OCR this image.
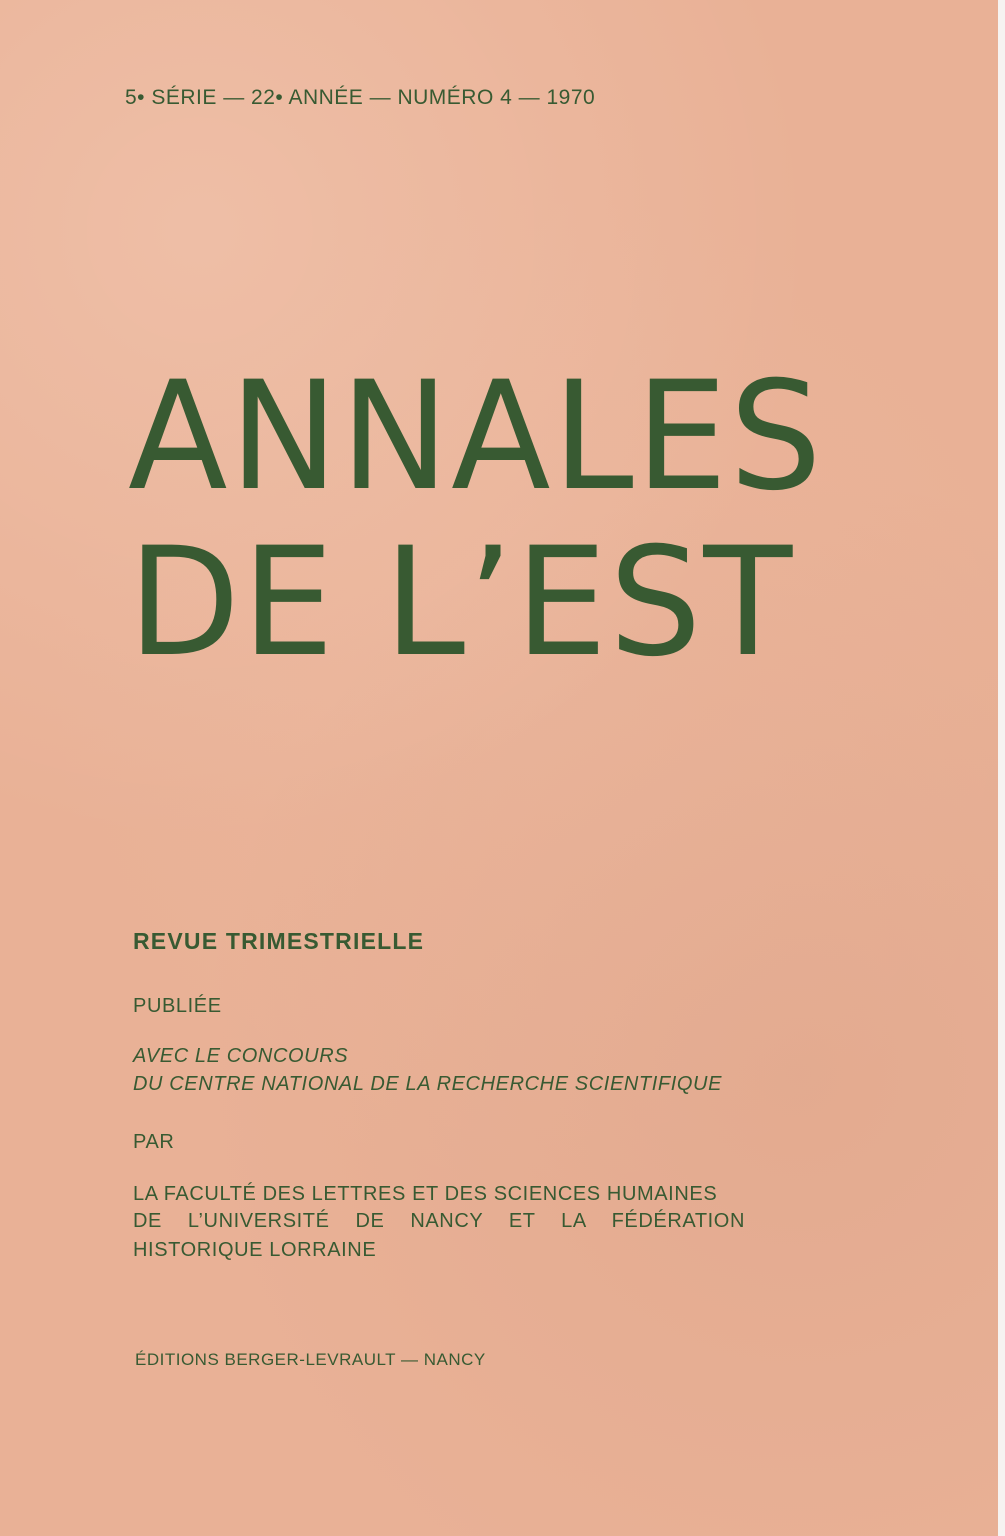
5• SÉRIE — 22• ANNÉE — NUMÉRO 4 — 1970
ANNALES
DE L’EST
REVUE TRIMESTRIELLE
PUBLIÉE
AVEC LE CONCOURS
DU CENTRE NATIONAL DE LA RECHERCHE SCIENTIFIQUE
PAR
LA FACULTÉ DES LETTRES ET DES SCIENCES HUMAINES
DE L’UNIVERSITÉ DE NANCY ET LA FÉDÉRATION
HISTORIQUE LORRAINE
ÉDITIONS BERGER-LEVRAULT — NANCY
